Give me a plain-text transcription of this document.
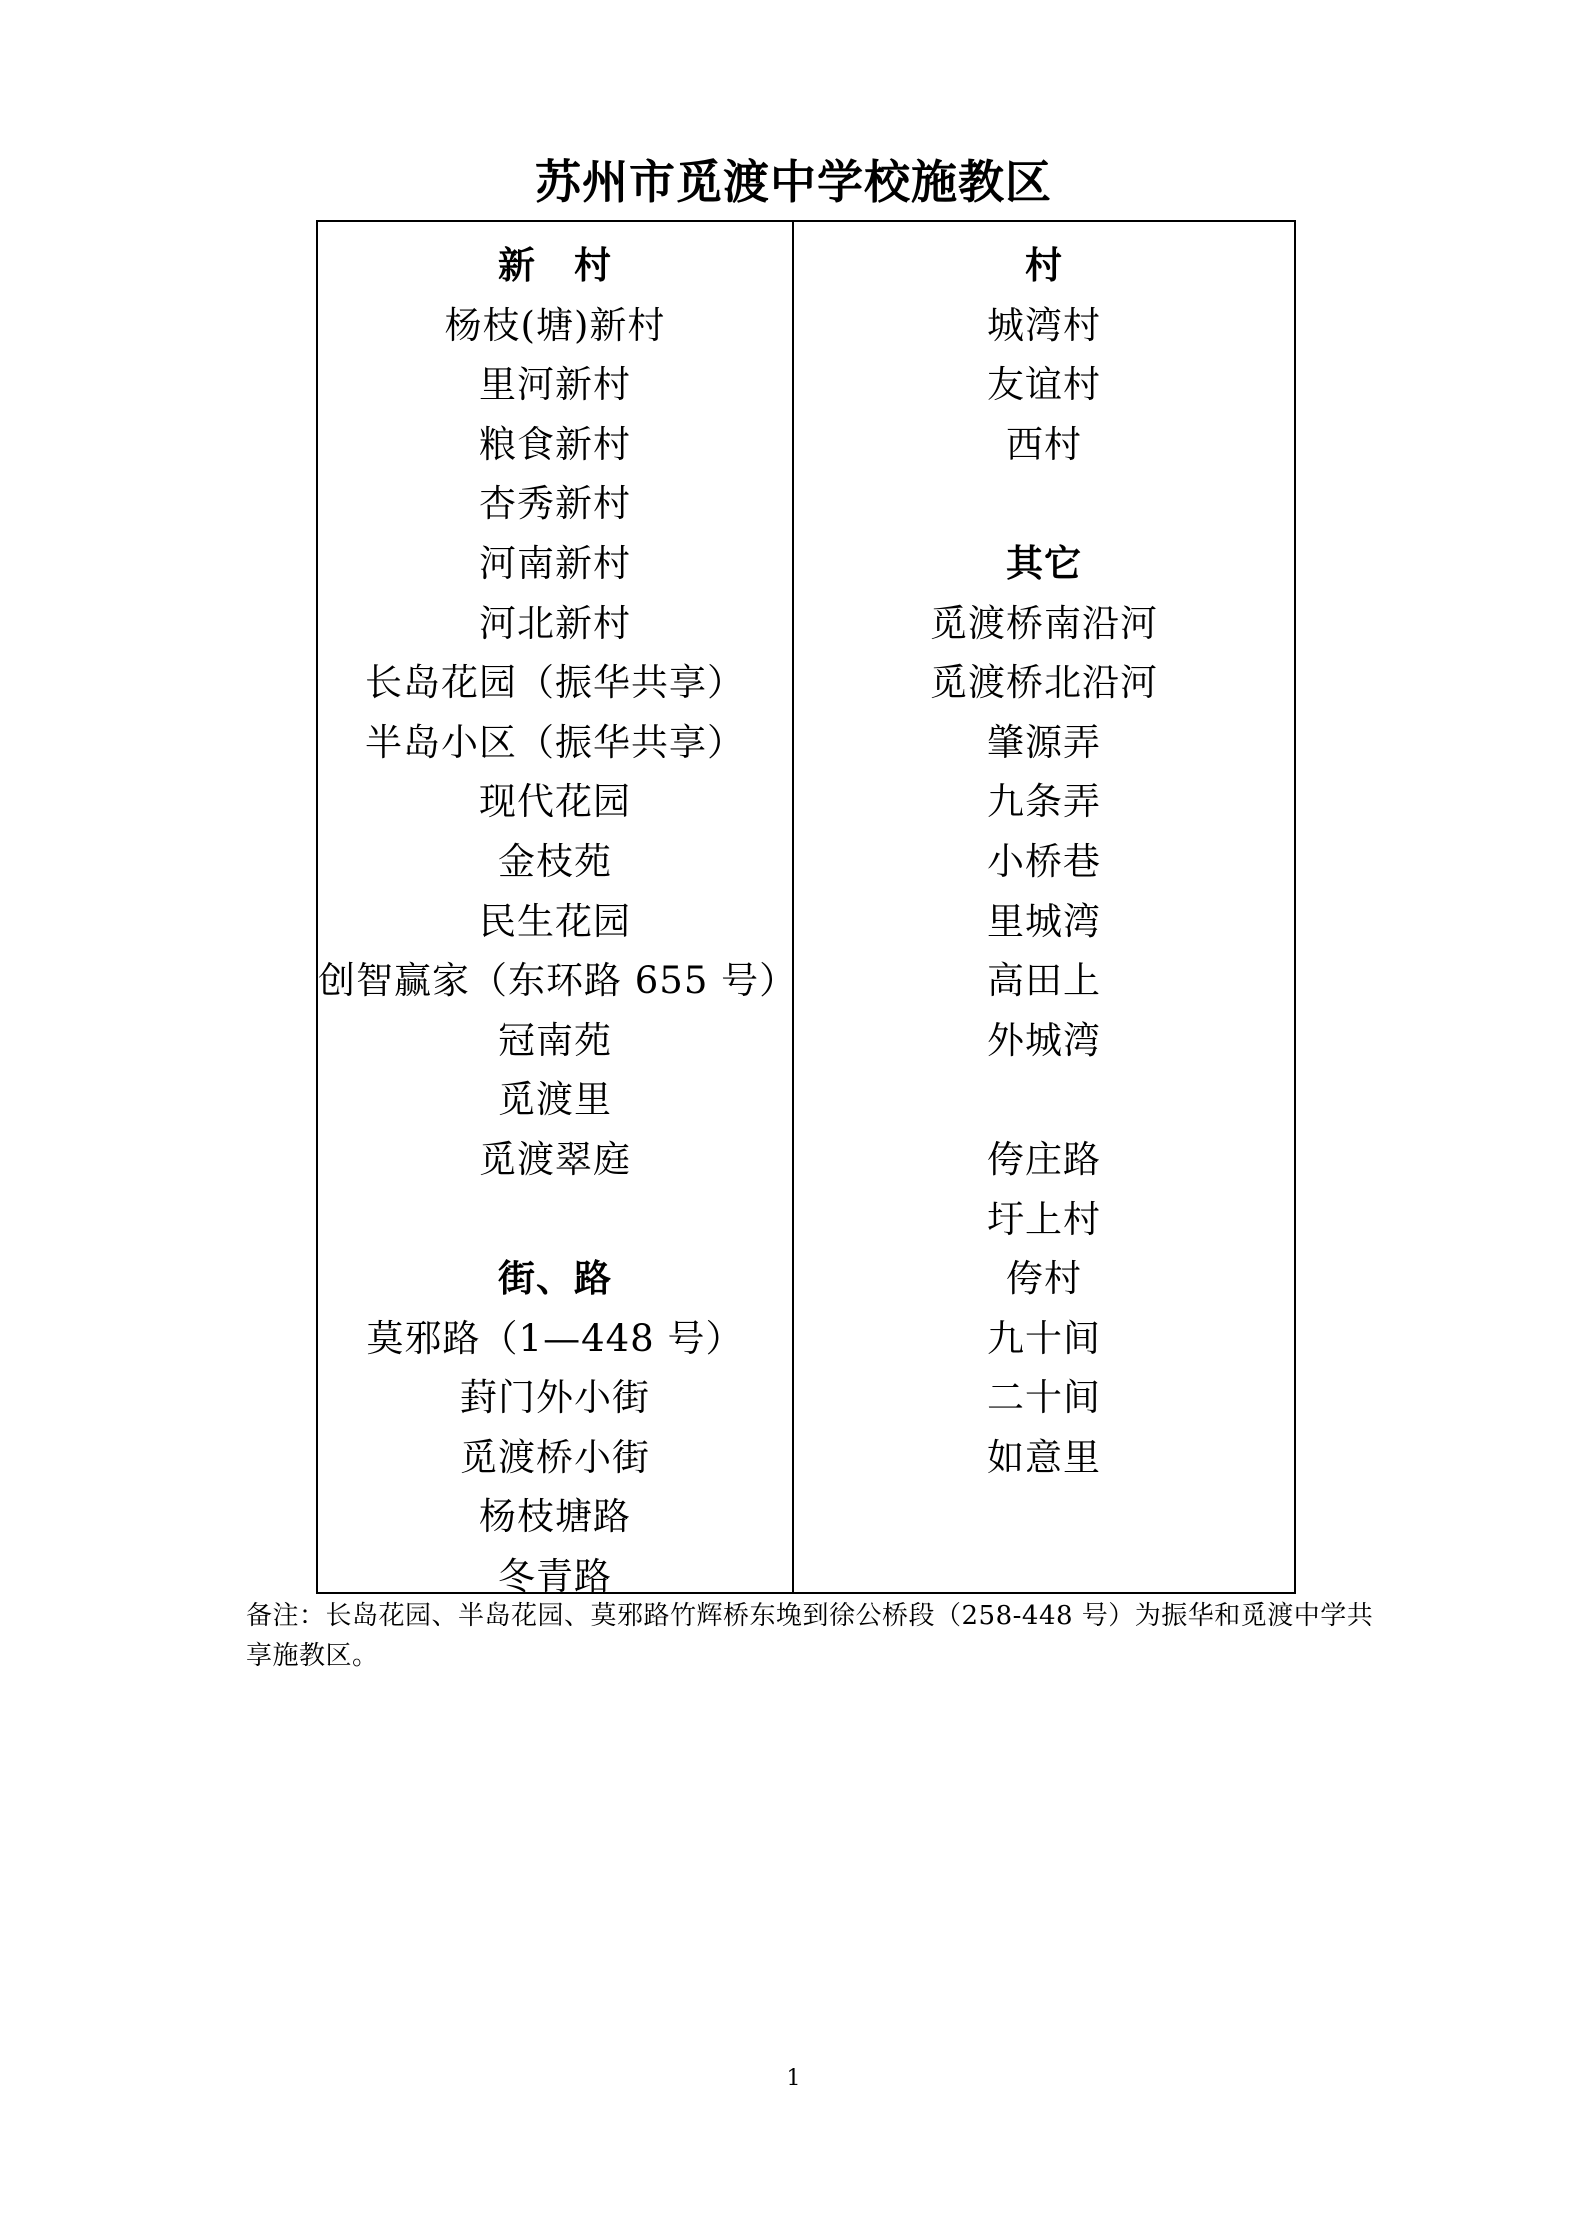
苏州市觅渡中学校施教区
新　村
杨枝(塘)新村
里河新村
粮食新村
杏秀新村
河南新村
河北新村
长岛花园（振华共享）
半岛小区（振华共享）
现代花园
金枝苑
民生花园
创智赢家（东环路 655 号）
冠南苑
觅渡里
觅渡翠庭
街、路
莫邪路（1—448 号）
葑门外小街
觅渡桥小街
杨枝塘路
冬青路
村
城湾村
友谊村
西村
其它
觅渡桥南沿河
觅渡桥北沿河
肇源弄
九条弄
小桥巷
里城湾
高田上
外城湾
侉庄路
圩上村
侉村
九十间
二十间
如意里
备注：长岛花园、半岛花园、莫邪路竹辉桥东堍到徐公桥段（258-448 号）为振华和觅渡中学共享施教区。
1
